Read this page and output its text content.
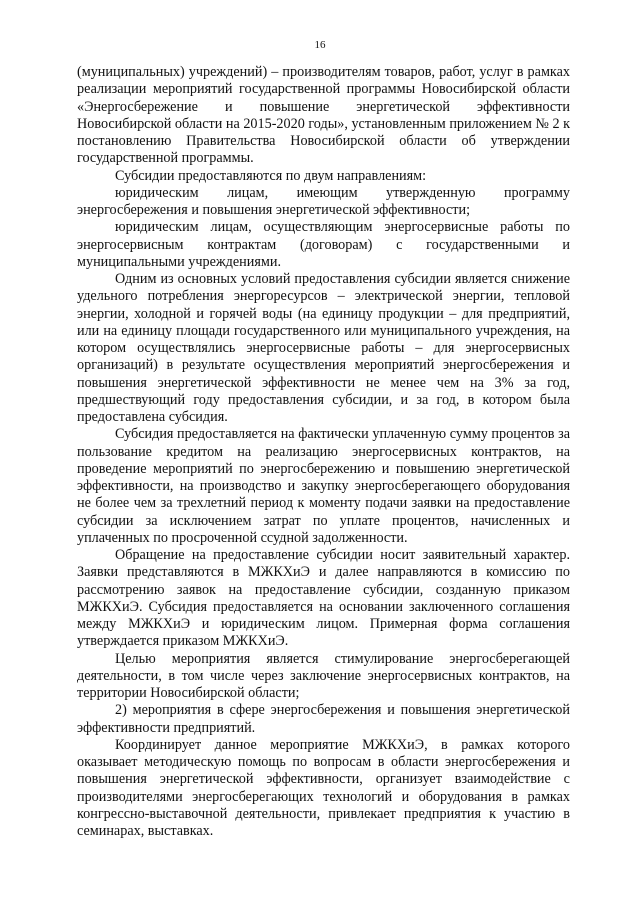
16

(муниципальных) учреждений) – производителям товаров, работ, услуг в рамках реализации мероприятий государственной программы Новосибирской области «Энергосбережение и повышение энергетической эффективности Новосибирской области на 2015-2020 годы», установленным приложением № 2 к постановлению Правительства Новосибирской области об утверждении государственной программы.

Субсидии предоставляются по двум направлениям:

юридическим лицам, имеющим утвержденную программу энергосбережения и повышения энергетической эффективности;

юридическим лицам, осуществляющим энергосервисные работы по энергосервисным контрактам (договорам) с государственными и муниципальными учреждениями.

Одним из основных условий предоставления субсидии является снижение удельного потребления энергоресурсов – электрической энергии, тепловой энергии, холодной и горячей воды (на единицу продукции – для предприятий, или на единицу площади государственного или муниципального учреждения, на котором осуществлялись энергосервисные работы – для энергосервисных организаций) в результате осуществления мероприятий энергосбережения и повышения энергетической эффективности не менее чем на 3% за год, предшествующий году предоставления субсидии, и за год, в котором была предоставлена субсидия.

Субсидия предоставляется на фактически уплаченную сумму процентов за пользование кредитом на реализацию энергосервисных контрактов, на проведение мероприятий по энергосбережению и повышению энергетической эффективности, на производство и закупку энергосберегающего оборудования не более чем за трехлетний период к моменту подачи заявки на предоставление субсидии за исключением затрат по уплате процентов, начисленных и уплаченных по просроченной ссудной задолженности.

Обращение на предоставление субсидии носит заявительный характер. Заявки представляются в МЖКХиЭ и далее направляются в комиссию по рассмотрению заявок на предоставление субсидии, созданную приказом МЖКХиЭ. Субсидия предоставляется на основании заключенного соглашения между МЖКХиЭ и юридическим лицом. Примерная форма соглашения утверждается приказом МЖКХиЭ.

Целью мероприятия является стимулирование энергосберегающей деятельности, в том числе через заключение энергосервисных контрактов, на территории Новосибирской области;

2) мероприятия в сфере энергосбережения и повышения энергетической эффективности предприятий.

Координирует данное мероприятие МЖКХиЭ, в рамках которого оказывает методическую помощь по вопросам в области энергосбережения и повышения энергетической эффективности, организует взаимодействие с производителями энергосберегающих технологий и оборудования в рамках конгрессно-выставочной деятельности, привлекает предприятия к участию в семинарах, выставках.
